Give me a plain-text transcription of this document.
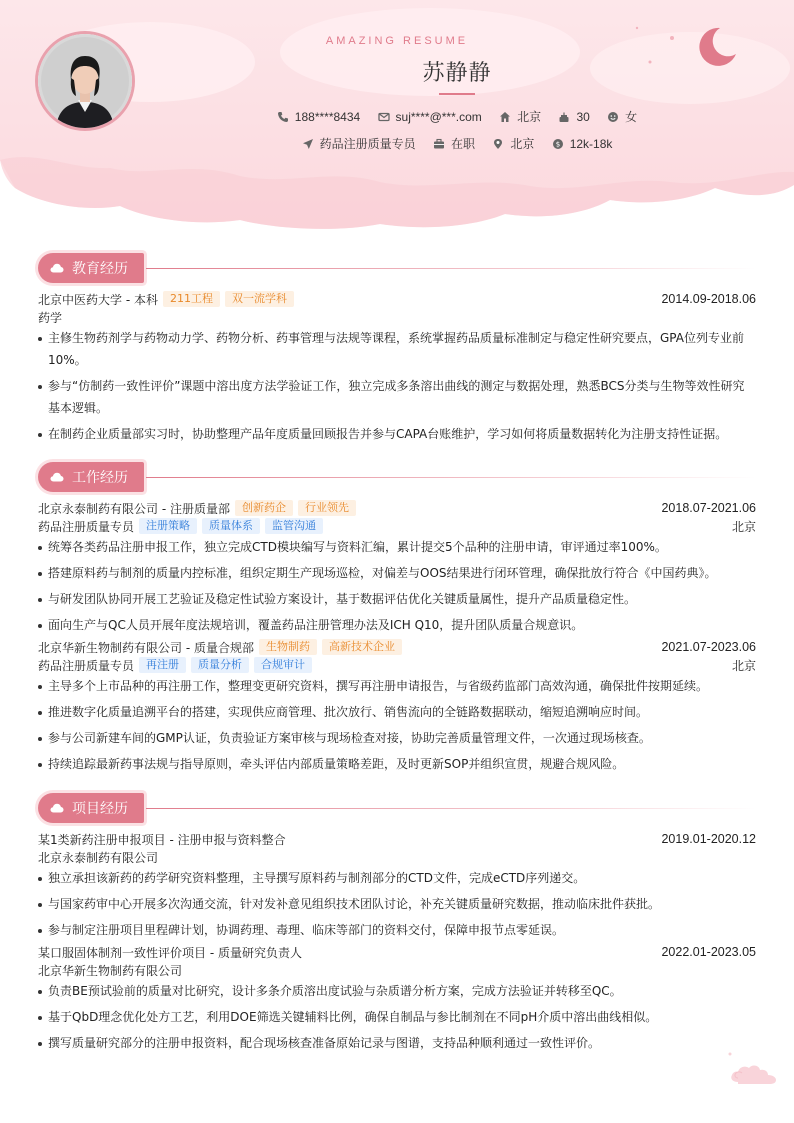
AMAZING RESUME
苏静静
188****8434
	suj****@***.com
	北京
	30
	女
药品注册质量专员
	在职
	北京
	$ 12k-18k
教育经历
北京中医药大学 - 本科	211工程	双一流学科	2014.09-2018.06
药学
主修生物药剂学与药物动力学、药物分析、药事管理与法规等课程，系统掌握药品质量标准制定与稳定性研究要点，GPA位列专业前10%。
参与“仿制药一致性评价”课题中溶出度方法学验证工作，独立完成多条溶出曲线的测定与数据处理，熟悉BCS分类与生物等效性研究基本逻辑。
在制药企业质量部实习时，协助整理产品年度质量回顾报告并参与CAPA台账维护，学习如何将质量数据转化为注册支持性证据。
工作经历
北京永泰制药有限公司 - 注册质量部	创新药企	行业领先	2018.07-2021.06
药品注册质量专员	注册策略	质量体系	监管沟通	北京
统筹各类药品注册申报工作，独立完成CTD模块编写与资料汇编，累计提交5个品种的注册申请，审评通过率100%。
搭建原料药与制剂的质量内控标准，组织定期生产现场巡检，对偏差与OOS结果进行闭环管理，确保批放行符合《中国药典》。
与研发团队协同开展工艺验证及稳定性试验方案设计，基于数据评估优化关键质量属性，提升产品质量稳定性。
面向生产与QC人员开展年度法规培训，覆盖药品注册管理办法及ICH Q10，提升团队质量合规意识。
北京华新生物制药有限公司 - 质量合规部	生物制药	高新技术企业	2021.07-2023.06
药品注册质量专员	再注册	质量分析	合规审计	北京
主导多个上市品种的再注册工作，整理变更研究资料，撰写再注册申请报告，与省级药监部门高效沟通，确保批件按期延续。
推进数字化质量追溯平台的搭建，实现供应商管理、批次放行、销售流向的全链路数据联动，缩短追溯响应时间。
参与公司新建车间的GMP认证，负责验证方案审核与现场检查对接，协助完善质量管理文件，一次通过现场核查。
持续追踪最新药事法规与指导原则，牵头评估内部质量策略差距，及时更新SOP并组织宣贯，规避合规风险。
项目经历
某1类新药注册申报项目 - 注册申报与资料整合	2019.01-2020.12
北京永泰制药有限公司
独立承担该新药的药学研究资料整理，主导撰写原料药与制剂部分的CTD文件，完成eCTD序列递交。
与国家药审中心开展多次沟通交流，针对发补意见组织技术团队讨论，补充关键质量研究数据，推动临床批件获批。
参与制定注册项目里程碑计划，协调药理、毒理、临床等部门的资料交付，保障申报节点零延误。
某口服固体制剂一致性评价项目 - 质量研究负责人	2022.01-2023.05
北京华新生物制药有限公司
负责BE预试验前的质量对比研究，设计多条介质溶出度试验与杂质谱分析方案，完成方法验证并转移至QC。
基于QbD理念优化处方工艺，利用DOE筛选关键辅料比例，确保自制品与参比制剂在不同pH介质中溶出曲线相似。
撰写质量研究部分的注册申报资料，配合现场核查准备原始记录与图谱，支持品种顺利通过一致性评价。
